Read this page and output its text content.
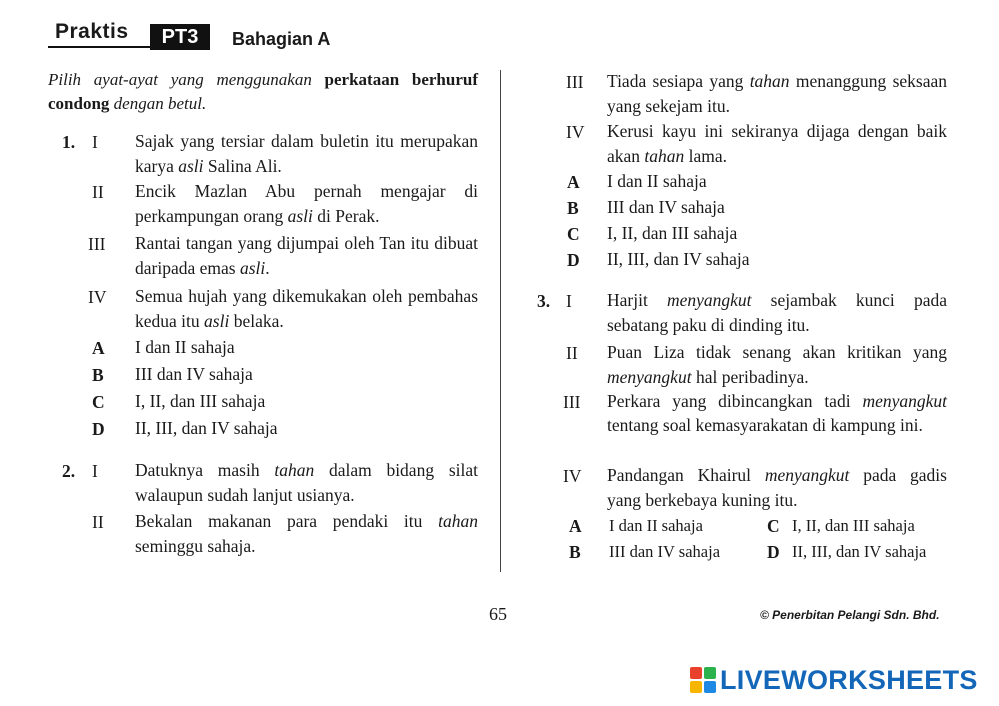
Praktis	PT3	Bahagian A
Pilih ayat-ayat yang menggunakan perkataan berhuruf condong dengan betul.
1. I Sajak yang tersiar dalam buletin itu merupakan karya asli Salina Ali.
II Encik Mazlan Abu pernah mengajar di perkampungan orang asli di Perak.
III Rantai tangan yang dijumpai oleh Tan itu dibuat daripada emas asli.
IV Semua hujah yang dikemukakan oleh pembahas kedua itu asli belaka.
A I dan II sahaja
B III dan IV sahaja
C I, II, dan III sahaja
D II, III, dan IV sahaja
2. I Datuknya masih tahan dalam bidang silat walaupun sudah lanjut usianya.
II Bekalan makanan para pendaki itu tahan seminggu sahaja.
III Tiada sesiapa yang tahan menanggung seksaan yang sekejam itu.
IV Kerusi kayu ini sekiranya dijaga dengan baik akan tahan lama.
A I dan II sahaja
B III dan IV sahaja
C I, II, dan III sahaja
D II, III, dan IV sahaja
3. I Harjit menyangkut sejambak kunci pada sebatang paku di dinding itu.
II Puan Liza tidak senang akan kritikan yang menyangkut hal peribadinya.
III Perkara yang dibincangkan tadi menyangkut tentang soal kemasyarakatan di kampung ini.
IV Pandangan Khairul menyangkut pada gadis yang berkebaya kuning itu.
A I dan II sahaja	C I, II, dan III sahaja
B III dan IV sahaja	D II, III, dan IV sahaja
65	© Penerbitan Pelangi Sdn. Bhd.
LIVEWORKSHEETS
